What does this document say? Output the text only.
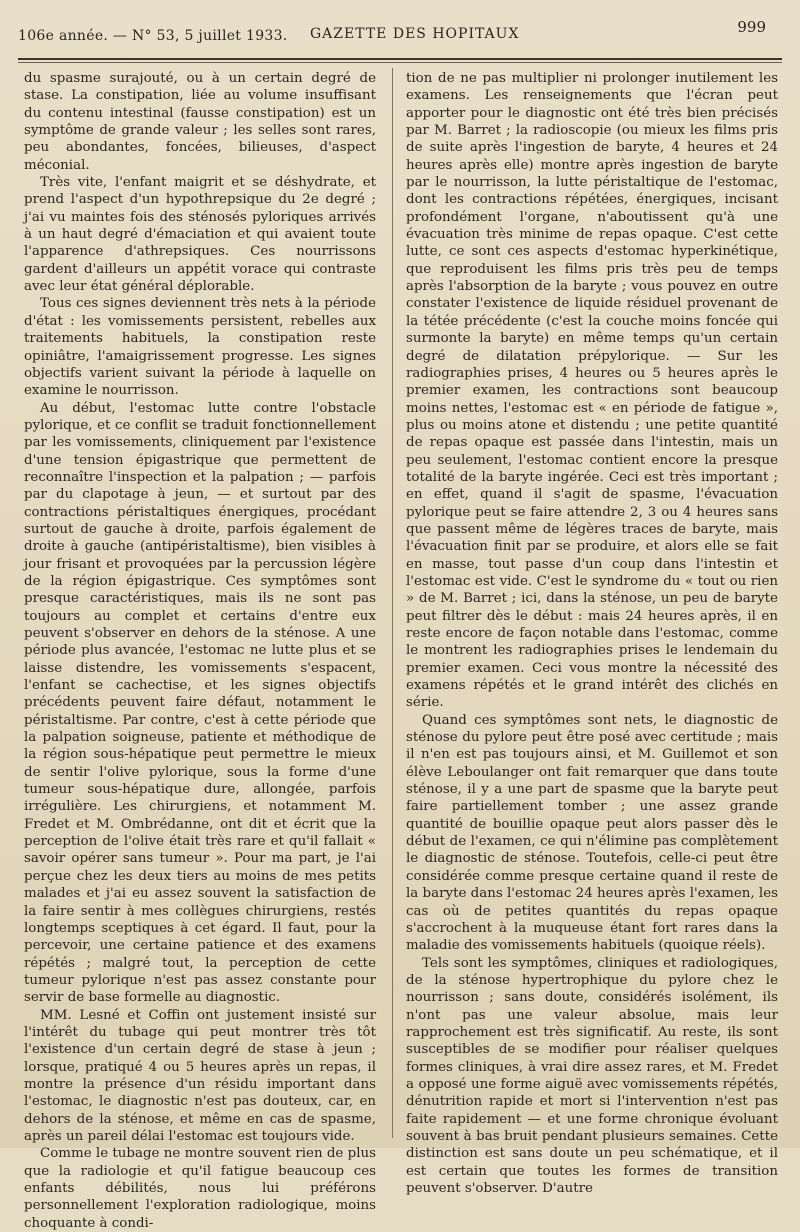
106e année. — N° 53, 5 juillet 1933. GAZETTE DES HOPITAUX	999

du spasme surajouté, ou à un certain degré de stase. La constipation, liée au volume insuffisant du contenu intestinal (fausse constipation) est un symptôme de grande valeur ; les selles sont rares, peu abondantes, foncées, bilieuses, d'aspect méconial.

Très vite, l'enfant maigrit et se déshydrate, et prend l'aspect d'un hypothrepsique du 2e degré ; j'ai vu maintes fois des sténosés pyloriques arrivés à un haut degré d'émaciation et qui avaient toute l'apparence d'athrepsiques. Ces nourrissons gardent d'ailleurs un appétit vorace qui contraste avec leur état général déplorable.

Tous ces signes deviennent très nets à la période d'état : les vomissements persistent, rebelles aux traitements habituels, la constipation reste opiniâtre, l'amaigrissement progresse. Les signes objectifs varient suivant la période à laquelle on examine le nourrisson.

Au début, l'estomac lutte contre l'obstacle pylorique, et ce conflit se traduit fonctionnellement par les vomissements, cliniquement par l'existence d'une tension épigastrique que permettent de reconnaître l'inspection et la palpation ; — parfois par du clapotage à jeun, — et surtout par des contractions péristaltiques énergiques, procédant surtout de gauche à droite, parfois également de droite à gauche (antipéristaltisme), bien visibles à jour frisant et provoquées par la percussion légère de la région épigastrique. Ces symptômes sont presque caractéristiques, mais ils ne sont pas toujours au complet et certains d'entre eux peuvent s'observer en dehors de la sténose. A une période plus avancée, l'estomac ne lutte plus et se laisse distendre, les vomissements s'espacent, l'enfant se cachectise, et les signes objectifs précédents peuvent faire défaut, notamment le péristaltisme. Par contre, c'est à cette période que la palpation soigneuse, patiente et méthodique de la région sous-hépatique peut permettre le mieux de sentir l'olive pylorique, sous la forme d'une tumeur sous-hépatique dure, allongée, parfois irrégulière. Les chirurgiens, et notamment M. Fredet et M. Ombrédanne, ont dit et écrit que la perception de l'olive était très rare et qu'il fallait « savoir opérer sans tumeur ». Pour ma part, je l'ai perçue chez les deux tiers au moins de mes petits malades et j'ai eu assez souvent la satisfaction de la faire sentir à mes collègues chirurgiens, restés longtemps sceptiques à cet égard. Il faut, pour la percevoir, une certaine patience et des examens répétés ; malgré tout, la perception de cette tumeur pylorique n'est pas assez constante pour servir de base formelle au diagnostic.

MM. Lesné et Coffin ont justement insisté sur l'intérêt du tubage qui peut montrer très tôt l'existence d'un certain degré de stase à jeun ; lorsque, pratiqué 4 ou 5 heures après un repas, il montre la présence d'un résidu important dans l'estomac, le diagnostic n'est pas douteux, car, en dehors de la sténose, et même en cas de spasme, après un pareil délai l'estomac est toujours vide.

Comme le tubage ne montre souvent rien de plus que la radiologie et qu'il fatigue beaucoup ces enfants débilités, nous lui préférons personnellement l'exploration radiologique, moins choquante à condi-

tion de ne pas multiplier ni prolonger inutilement les examens. Les renseignements que l'écran peut apporter pour le diagnostic ont été très bien précisés par M. Barret ; la radioscopie (ou mieux les films pris de suite après l'ingestion de baryte, 4 heures et 24 heures après elle) montre après ingestion de baryte par le nourrisson, la lutte péristaltique de l'estomac, dont les contractions répétées, énergiques, incisant profondément l'organe, n'aboutissent qu'à une évacuation très minime de repas opaque. C'est cette lutte, ce sont ces aspects d'estomac hyperkinétique, que reproduisent les films pris très peu de temps après l'absorption de la baryte ; vous pouvez en outre constater l'existence de liquide résiduel provenant de la tétée précédente (c'est la couche moins foncée qui surmonte la baryte) en même temps qu'un certain degré de dilatation prépylorique. — Sur les radiographies prises, 4 heures ou 5 heures après le premier examen, les contractions sont beaucoup moins nettes, l'estomac est « en période de fatigue », plus ou moins atone et distendu ; une petite quantité de repas opaque est passée dans l'intestin, mais un peu seulement, l'estomac contient encore la presque totalité de la baryte ingérée. Ceci est très important ; en effet, quand il s'agit de spasme, l'évacuation pylorique peut se faire attendre 2, 3 ou 4 heures sans que passent même de légères traces de baryte, mais l'évacuation finit par se produire, et alors elle se fait en masse, tout passe d'un coup dans l'intestin et l'estomac est vide. C'est le syndrome du « tout ou rien » de M. Barret ; ici, dans la sténose, un peu de baryte peut filtrer dès le début : mais 24 heures après, il en reste encore de façon notable dans l'estomac, comme le montrent les radiographies prises le lendemain du premier examen. Ceci vous montre la nécessité des examens répétés et le grand intérêt des clichés en série.

Quand ces symptômes sont nets, le diagnostic de sténose du pylore peut être posé avec certitude ; mais il n'en est pas toujours ainsi, et M. Guillemot et son élève Leboulanger ont fait remarquer que dans toute sténose, il y a une part de spasme que la baryte peut faire partiellement tomber ; une assez grande quantité de bouillie opaque peut alors passer dès le début de l'examen, ce qui n'élimine pas complètement le diagnostic de sténose. Toutefois, celle-ci peut être considérée comme presque certaine quand il reste de la baryte dans l'estomac 24 heures après l'examen, les cas où de petites quantités du repas opaque s'accrochent à la muqueuse étant fort rares dans la maladie des vomissements habituels (quoique réels).

Tels sont les symptômes, cliniques et radiologiques, de la sténose hypertrophique du pylore chez le nourrisson ; sans doute, considérés isolément, ils n'ont pas une valeur absolue, mais leur rapprochement est très significatif. Au reste, ils sont susceptibles de se modifier pour réaliser quelques formes cliniques, à vrai dire assez rares, et M. Fredet a opposé une forme aiguë avec vomissements répétés, dénutrition rapide et mort si l'intervention n'est pas faite rapidement — et une forme chronique évoluant souvent à bas bruit pendant plusieurs semaines. Cette distinction est sans doute un peu schématique, et il est certain que toutes les formes de transition peuvent s'observer. D'autre
